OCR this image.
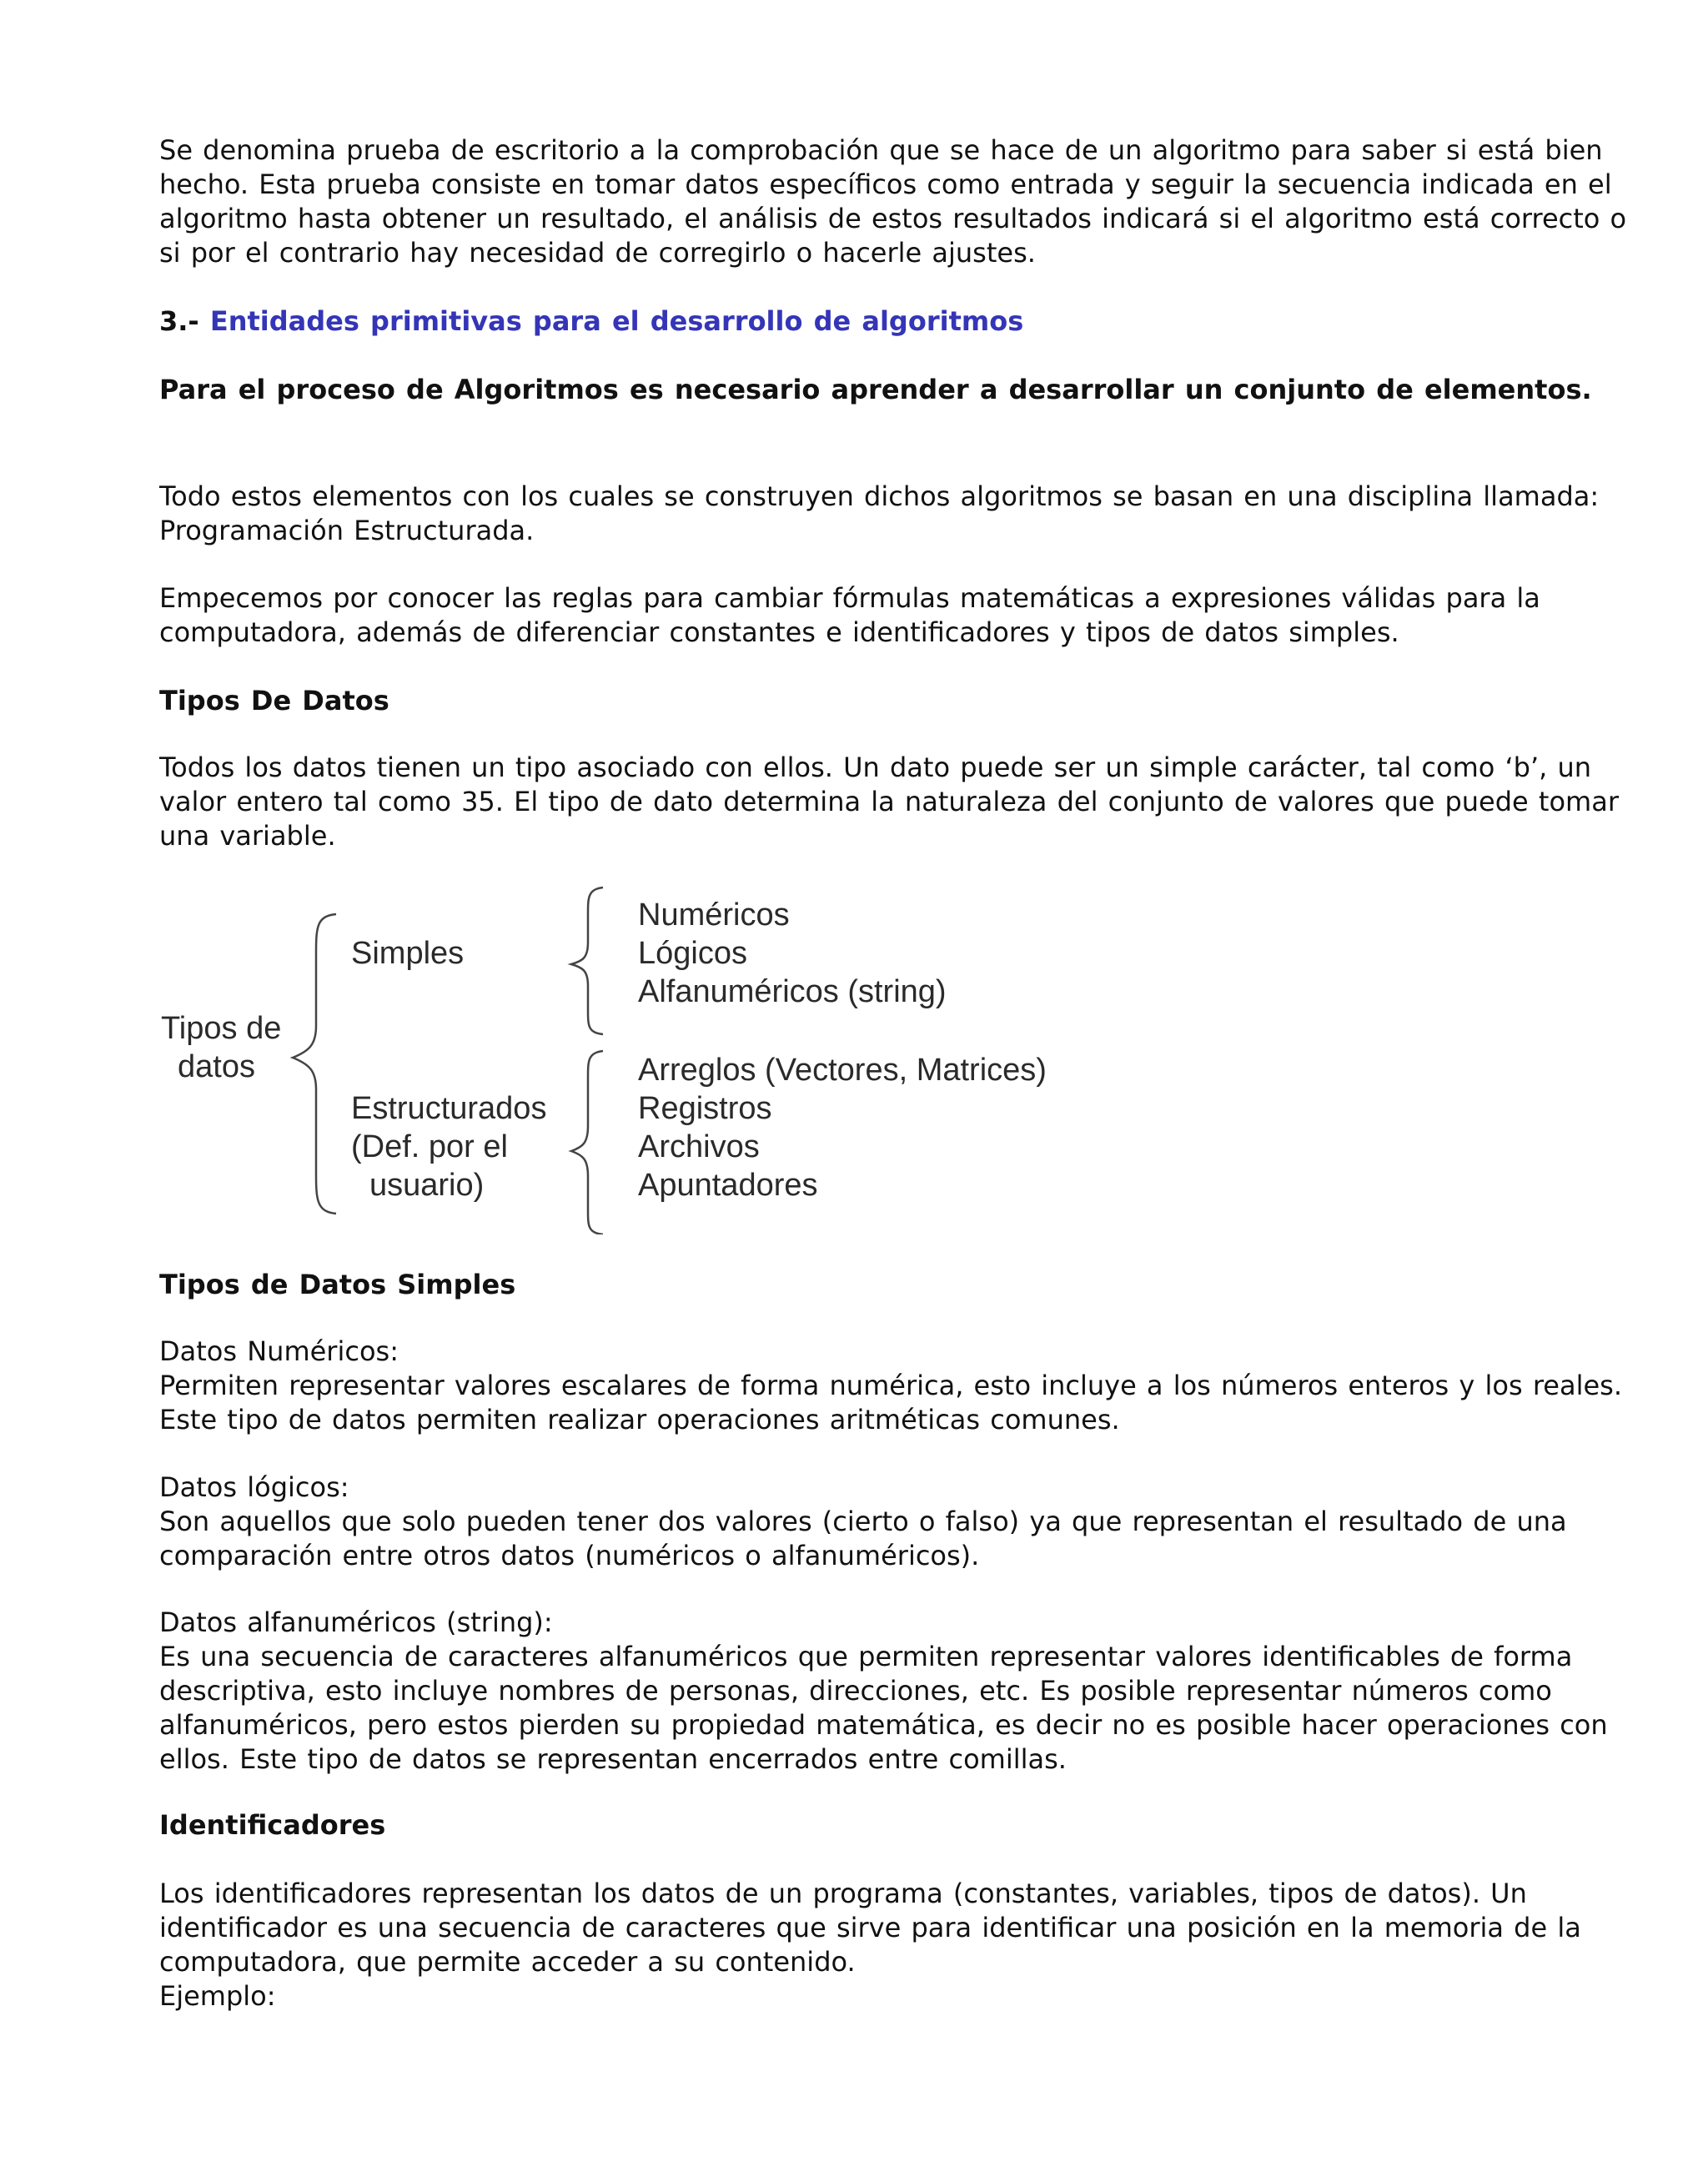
Se denomina prueba de escritorio a la comprobación que se hace de un algoritmo para saber si está bien hecho. Esta prueba consiste en tomar datos específicos como entrada y seguir la secuencia indicada en el algoritmo hasta obtener un resultado, el análisis de estos resultados indicará si el algoritmo está correcto o si por el contrario hay necesidad de corregirlo o hacerle ajustes.

3.- Entidades primitivas para el desarrollo de algoritmos

Para el proceso de Algoritmos es necesario aprender a desarrollar un conjunto de elementos.

Todo estos elementos con los cuales se construyen dichos algoritmos se basan en una disciplina llamada: Programación Estructurada.

Empecemos por conocer las reglas para cambiar fórmulas matemáticas a expresiones válidas para la computadora, además de diferenciar constantes e identificadores y tipos de datos simples.

Tipos De Datos

Todos los datos tienen un tipo asociado con ellos. Un dato puede ser un simple carácter, tal como ‘b’, un valor entero tal como 35. El tipo de dato determina la naturaleza del conjunto de valores que puede tomar una variable.

Tipos de
datos
Simples
Numéricos
Lógicos
Alfanuméricos (string)
Estructurados
(Def. por el
usuario)
Arreglos (Vectores, Matrices)
Registros
Archivos
Apuntadores

Tipos de Datos Simples

Datos Numéricos:

Permiten representar valores escalares de forma numérica, esto incluye a los números enteros y los reales. Este tipo de datos permiten realizar operaciones aritméticas comunes.

Datos lógicos:

Son aquellos que solo pueden tener dos valores (cierto o falso) ya que representan el resultado de una comparación entre otros datos (numéricos o alfanuméricos).

Datos alfanuméricos (string):

Es una secuencia de caracteres alfanuméricos que permiten representar valores identificables de forma descriptiva, esto incluye nombres de personas, direcciones, etc. Es posible representar números como alfanuméricos, pero estos pierden su propiedad matemática, es decir no es posible hacer operaciones con ellos. Este tipo de datos se representan encerrados entre comillas.

Identificadores

Los identificadores representan los datos de un programa (constantes, variables, tipos de datos). Un identificador es una secuencia de caracteres que sirve para identificar una posición en la memoria de la computadora, que permite acceder a su contenido.

Ejemplo:
